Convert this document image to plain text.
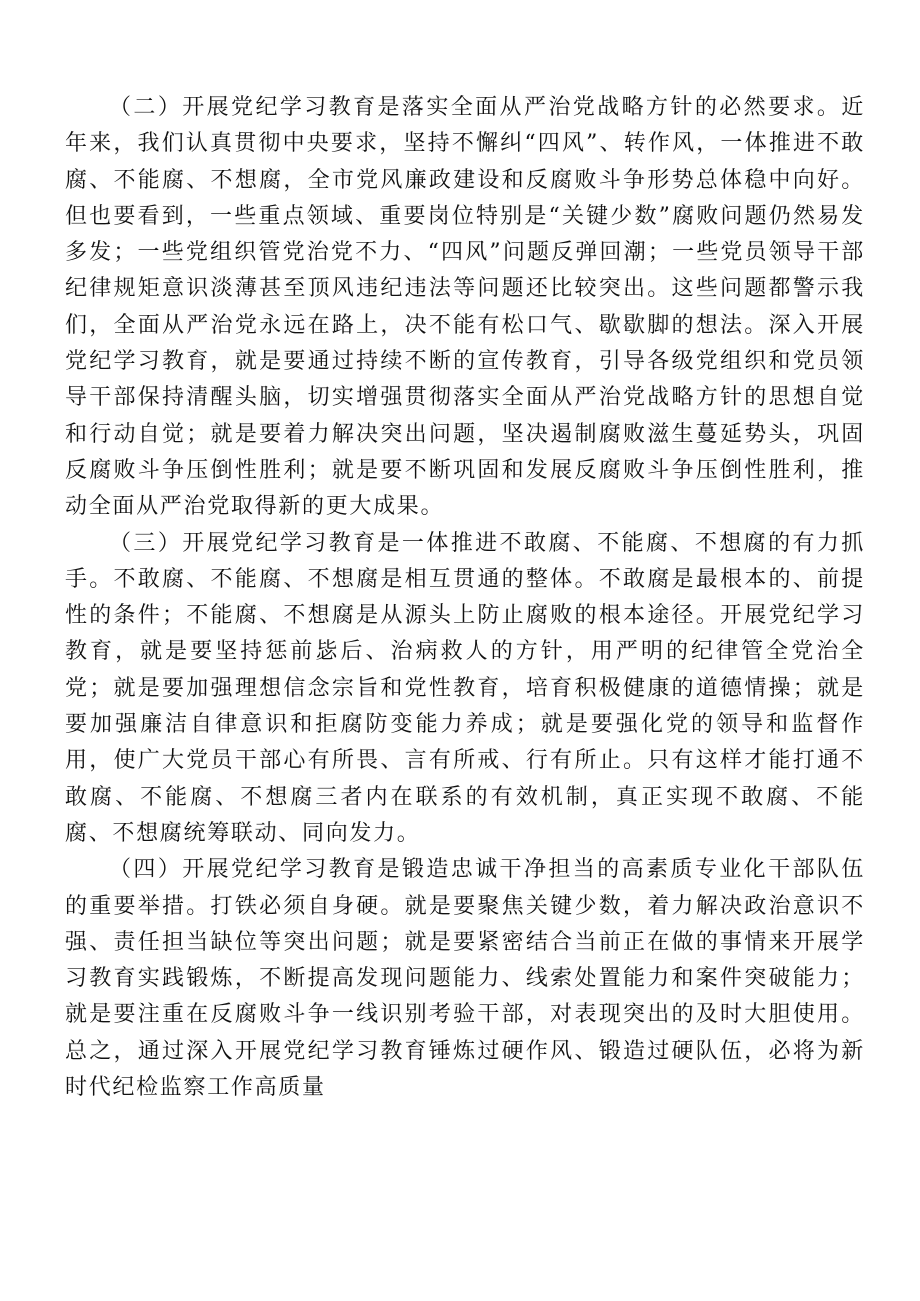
（二）开展党纪学习教育是落实全面从严治党战略方针的必然要求。近年来，我们认真贯彻中央要求，坚持不懈纠“四风”、转作风，一体推进不敢腐、不能腐、不想腐，全市党风廉政建设和反腐败斗争形势总体稳中向好。但也要看到，一些重点领域、重要岗位特别是“关键少数”腐败问题仍然易发多发；一些党组织管党治党不力、“四风”问题反弹回潮；一些党员领导干部纪律规矩意识淡薄甚至顶风违纪违法等问题还比较突出。这些问题都警示我们，全面从严治党永远在路上，决不能有松口气、歇歇脚的想法。深入开展党纪学习教育，就是要通过持续不断的宣传教育，引导各级党组织和党员领导干部保持清醒头脑，切实增强贯彻落实全面从严治党战略方针的思想自觉和行动自觉；就是要着力解决突出问题，坚决遏制腐败滋生蔓延势头，巩固反腐败斗争压倒性胜利；就是要不断巩固和发展反腐败斗争压倒性胜利，推动全面从严治党取得新的更大成果。

（三）开展党纪学习教育是一体推进不敢腐、不能腐、不想腐的有力抓手。不敢腐、不能腐、不想腐是相互贯通的整体。不敢腐是最根本的、前提性的条件；不能腐、不想腐是从源头上防止腐败的根本途径。开展党纪学习教育，就是要坚持惩前毖后、治病救人的方针，用严明的纪律管全党治全党；就是要加强理想信念宗旨和党性教育，培育积极健康的道德情操；就是要加强廉洁自律意识和拒腐防变能力养成；就是要强化党的领导和监督作用，使广大党员干部心有所畏、言有所戒、行有所止。只有这样才能打通不敢腐、不能腐、不想腐三者内在联系的有效机制，真正实现不敢腐、不能腐、不想腐统筹联动、同向发力。

（四）开展党纪学习教育是锻造忠诚干净担当的高素质专业化干部队伍的重要举措。打铁必须自身硬。就是要聚焦关键少数，着力解决政治意识不强、责任担当缺位等突出问题；就是要紧密结合当前正在做的事情来开展学习教育实践锻炼，不断提高发现问题能力、线索处置能力和案件突破能力；就是要注重在反腐败斗争一线识别考验干部，对表现突出的及时大胆使用。总之，通过深入开展党纪学习教育锤炼过硬作风、锻造过硬队伍，必将为新时代纪检监察工作高质量
